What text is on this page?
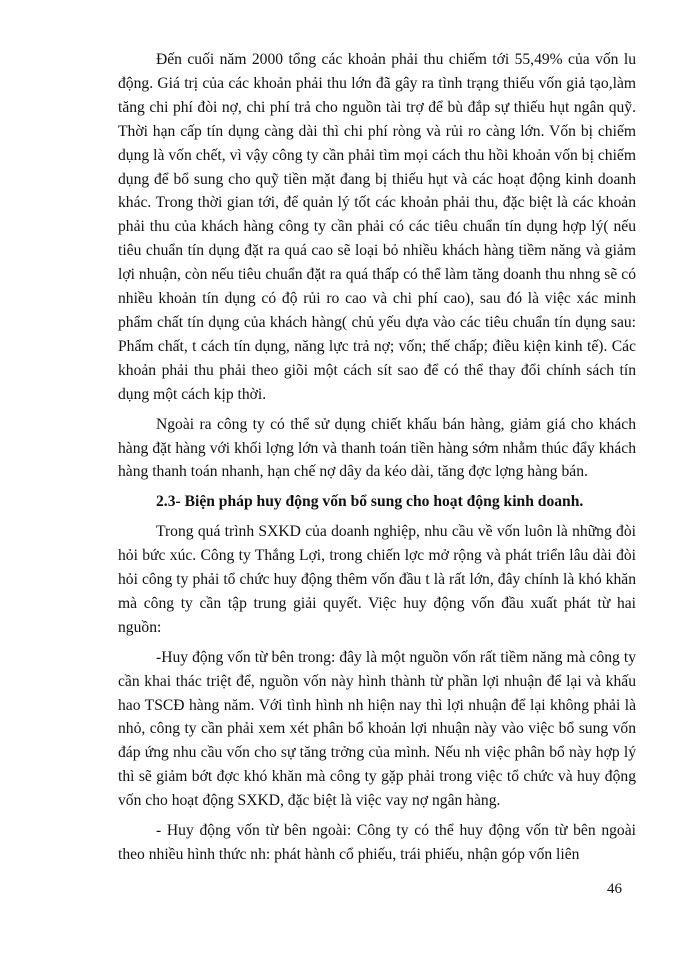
Đến cuối năm 2000 tổng các khoản phải thu chiếm tới 55,49% của vốn lu động. Giá trị của các khoản phải thu lớn đã gây ra tình trạng thiếu vốn giả tạo,làm tăng chi phí đòi nợ, chi phí trả cho nguồn tài trợ để bù đắp sự thiếu hụt ngân quỹ. Thời hạn cấp tín dụng càng dài thì chi phí ròng và rủi ro càng lớn. Vốn bị chiếm dụng là vốn chết, vì vậy công ty cần phải tìm mọi cách thu hồi khoản vốn bị chiếm dụng để bổ sung cho quỹ tiền mặt đang bị thiếu hụt và các hoạt động kinh doanh khác. Trong thời gian tới, để quản lý tốt các khoản phải thu, đặc biệt là các khoản phải thu của khách hàng công ty cần phải có các tiêu chuẩn tín dụng hợp lý( nếu tiêu chuẩn tín dụng đặt ra quá cao sẽ loại bỏ nhiều khách hàng tiềm năng và giảm lợi nhuận, còn nếu tiêu chuẩn đặt ra quá thấp có thể làm tăng doanh thu nhng sẽ có nhiều khoản tín dụng có độ rủi ro cao và chi phí cao), sau đó là việc xác minh phẩm chất tín dụng của khách hàng( chủ yếu dựa vào các tiêu chuẩn tín dụng sau: Phẩm chất, t cách tín dụng, năng lực trả nợ; vốn; thế chấp; điều kiện kinh tế). Các khoản phải thu phải theo giõi một cách sít sao để có thể thay đổi chính sách tín dụng một cách kịp thời.

Ngoài ra công ty có thể sử dụng chiết khấu bán hàng, giảm giá cho khách hàng đặt hàng với khối lợng lớn và thanh toán tiền hàng sớm nhằm thúc đẩy khách hàng thanh toán nhanh, hạn chế nợ dây da kéo dài, tăng đợc lợng hàng bán.

2.3- Biện pháp huy động vốn bổ sung cho hoạt động kinh doanh.

Trong quá trình SXKD của doanh nghiệp, nhu cầu về vốn luôn là những đòi hỏi bức xúc. Công ty Thắng Lợi, trong chiến lợc mở rộng và phát triển lâu dài đòi hỏi công ty phải tổ chức huy động thêm vốn đầu t là rất lớn, đây chính là khó khăn mà công ty cần tập trung giải quyết. Việc huy động vốn đầu xuất phát từ hai nguồn:

-Huy động vốn từ bên trong: đây là một nguồn vốn rất tiềm năng mà công ty cần khai thác triệt để, nguồn vốn này hình thành từ phần lợi nhuận để lại và khấu hao TSCĐ hàng năm. Với tình hình nh hiện nay thì lợi nhuận để lại không phải là nhỏ, công ty cần phải xem xét phân bổ khoản lợi nhuận này vào việc bổ sung vốn đáp ứng nhu cầu vốn cho sự tăng trởng của mình. Nếu nh việc phân bổ này hợp lý thì sẽ giảm bớt đợc khó khăn mà công ty gặp phải trong việc tổ chức và huy động vốn cho hoạt động SXKD, đặc biệt là việc vay nợ ngân hàng.

- Huy động vốn từ bên ngoài: Công ty có thể huy động vốn từ bên ngoài theo nhiều hình thức nh: phát hành cổ phiếu, trái phiếu, nhận góp vốn liên

46
